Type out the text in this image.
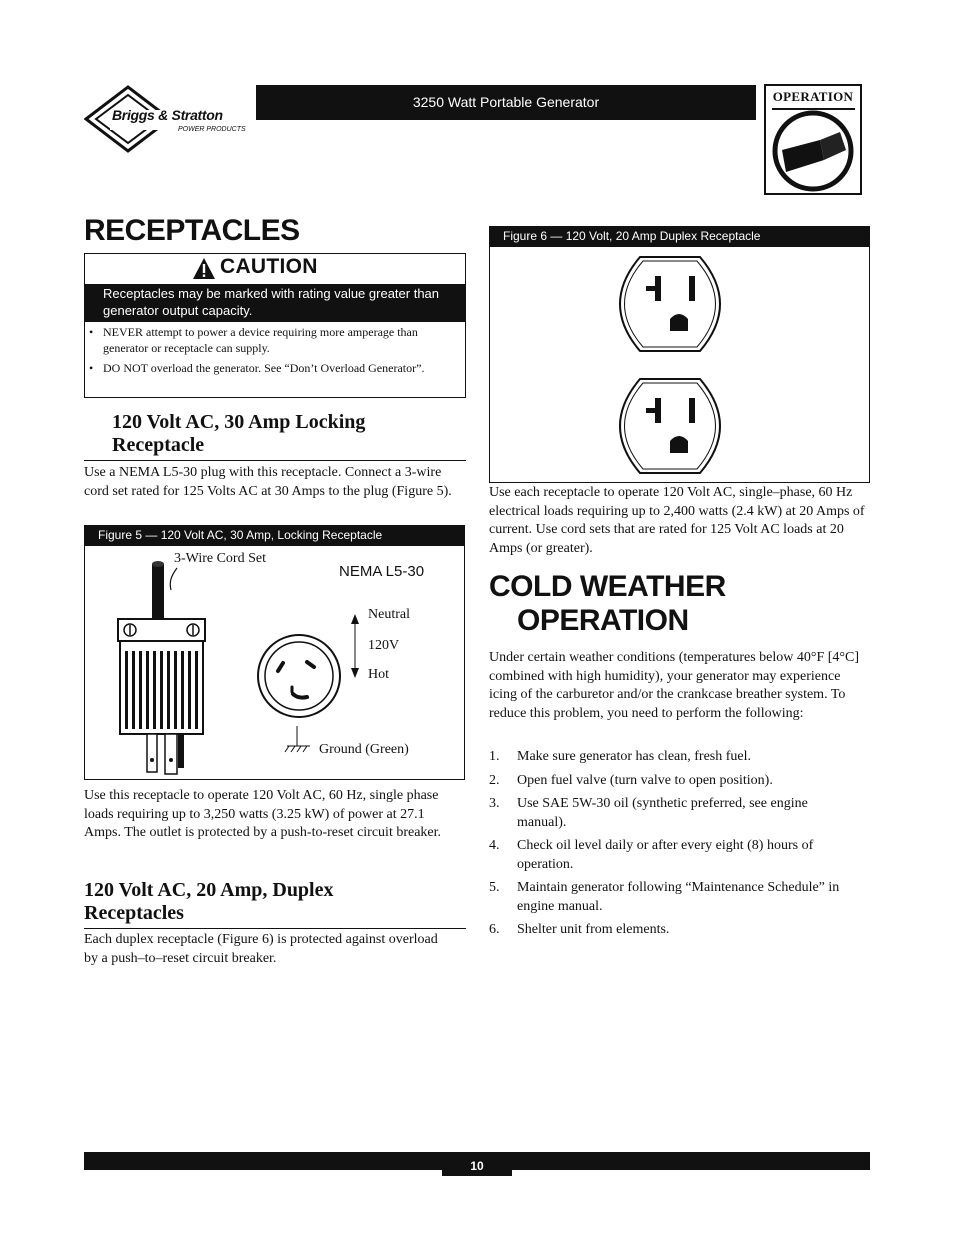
Briggs & Stratton
POWER PRODUCTS
3250 Watt Portable Generator	OPERATION
RECEPTACLES
CAUTION
Receptacles may be marked with rating value greater than generator output capacity.
• NEVER attempt to power a device requiring more amperage than generator or receptacle can supply.
• DO NOT overload the generator. See “Don’t Overload Generator”.
120 Volt AC, 30 Amp Locking Receptacle

Use a NEMA L5-30 plug with this receptacle. Connect a 3-wire cord set rated for 125 Volts AC at 30 Amps to the plug (Figure 5).

Figure 5 — 120 Volt AC, 30 Amp, Locking Receptacle
3-Wire Cord Set
NEMA L5-30
Neutral
120V
Hot
Ground (Green)

Use this receptacle to operate 120 Volt AC, 60 Hz, single phase loads requiring up to 3,250 watts (3.25 kW) of power at 27.1 Amps. The outlet is protected by a push-to-reset circuit breaker.

120 Volt AC, 20 Amp, Duplex Receptacles

Each duplex receptacle (Figure 6) is protected against overload by a push–to–reset circuit breaker.

Figure 6 — 120 Volt, 20 Amp Duplex Receptacle

Use each receptacle to operate 120 Volt AC, single–phase, 60 Hz electrical loads requiring up to 2,400 watts (2.4 kW) at 20 Amps of current. Use cord sets that are rated for 125 Volt AC loads at 20 Amps (or greater).

COLD WEATHER
OPERATION

Under certain weather conditions (temperatures below 40°F [4°C] combined with high humidity), your generator may experience icing of the carburetor and/or the crankcase breather system. To reduce this problem, you need to perform the following:

1. Make sure generator has clean, fresh fuel.
2. Open fuel valve (turn valve to open position).
3. Use SAE 5W-30 oil (synthetic preferred, see engine manual).
4. Check oil level daily or after every eight (8) hours of operation.
5. Maintain generator following “Maintenance Schedule” in engine manual.
6. Shelter unit from elements.
10
